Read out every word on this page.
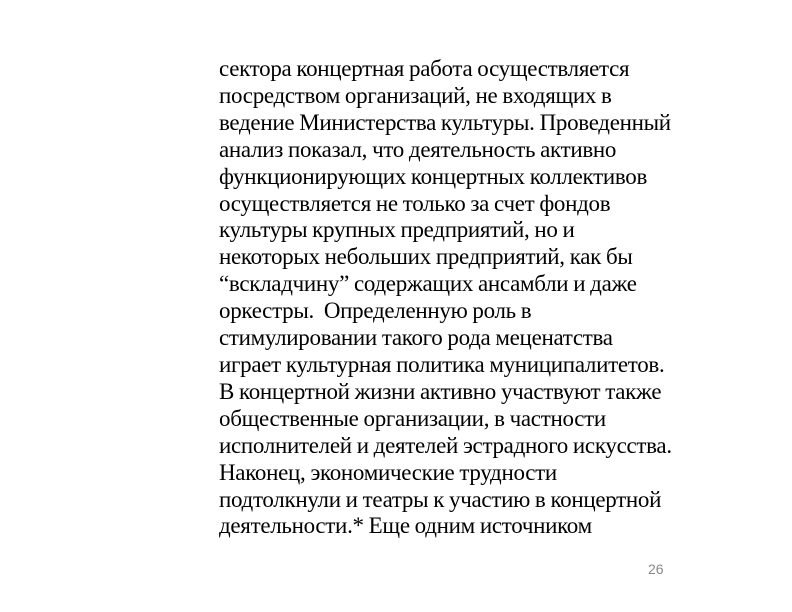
сектора концертная работа осуществляется
посредством организаций, не входящих в
ведение Министерства культуры. Проведенный
анализ показал, что деятельность активно
функционирующих концертных коллективов
осуществляется не только за счет фондов
культуры крупных предприятий, но и
некоторых небольших предприятий, как бы
“вскладчину” содержащих ансамбли и даже
оркестры.  Определенную роль в
стимулировании такого рода меценатства
играет культурная политика муниципалитетов.
В концертной жизни активно участвуют также
общественные организации, в частности
исполнителей и деятелей эстрадного искусства.
Наконец, экономические трудности
подтолкнули и театры к участию в концертной
деятельности.* Еще одним источником
26
